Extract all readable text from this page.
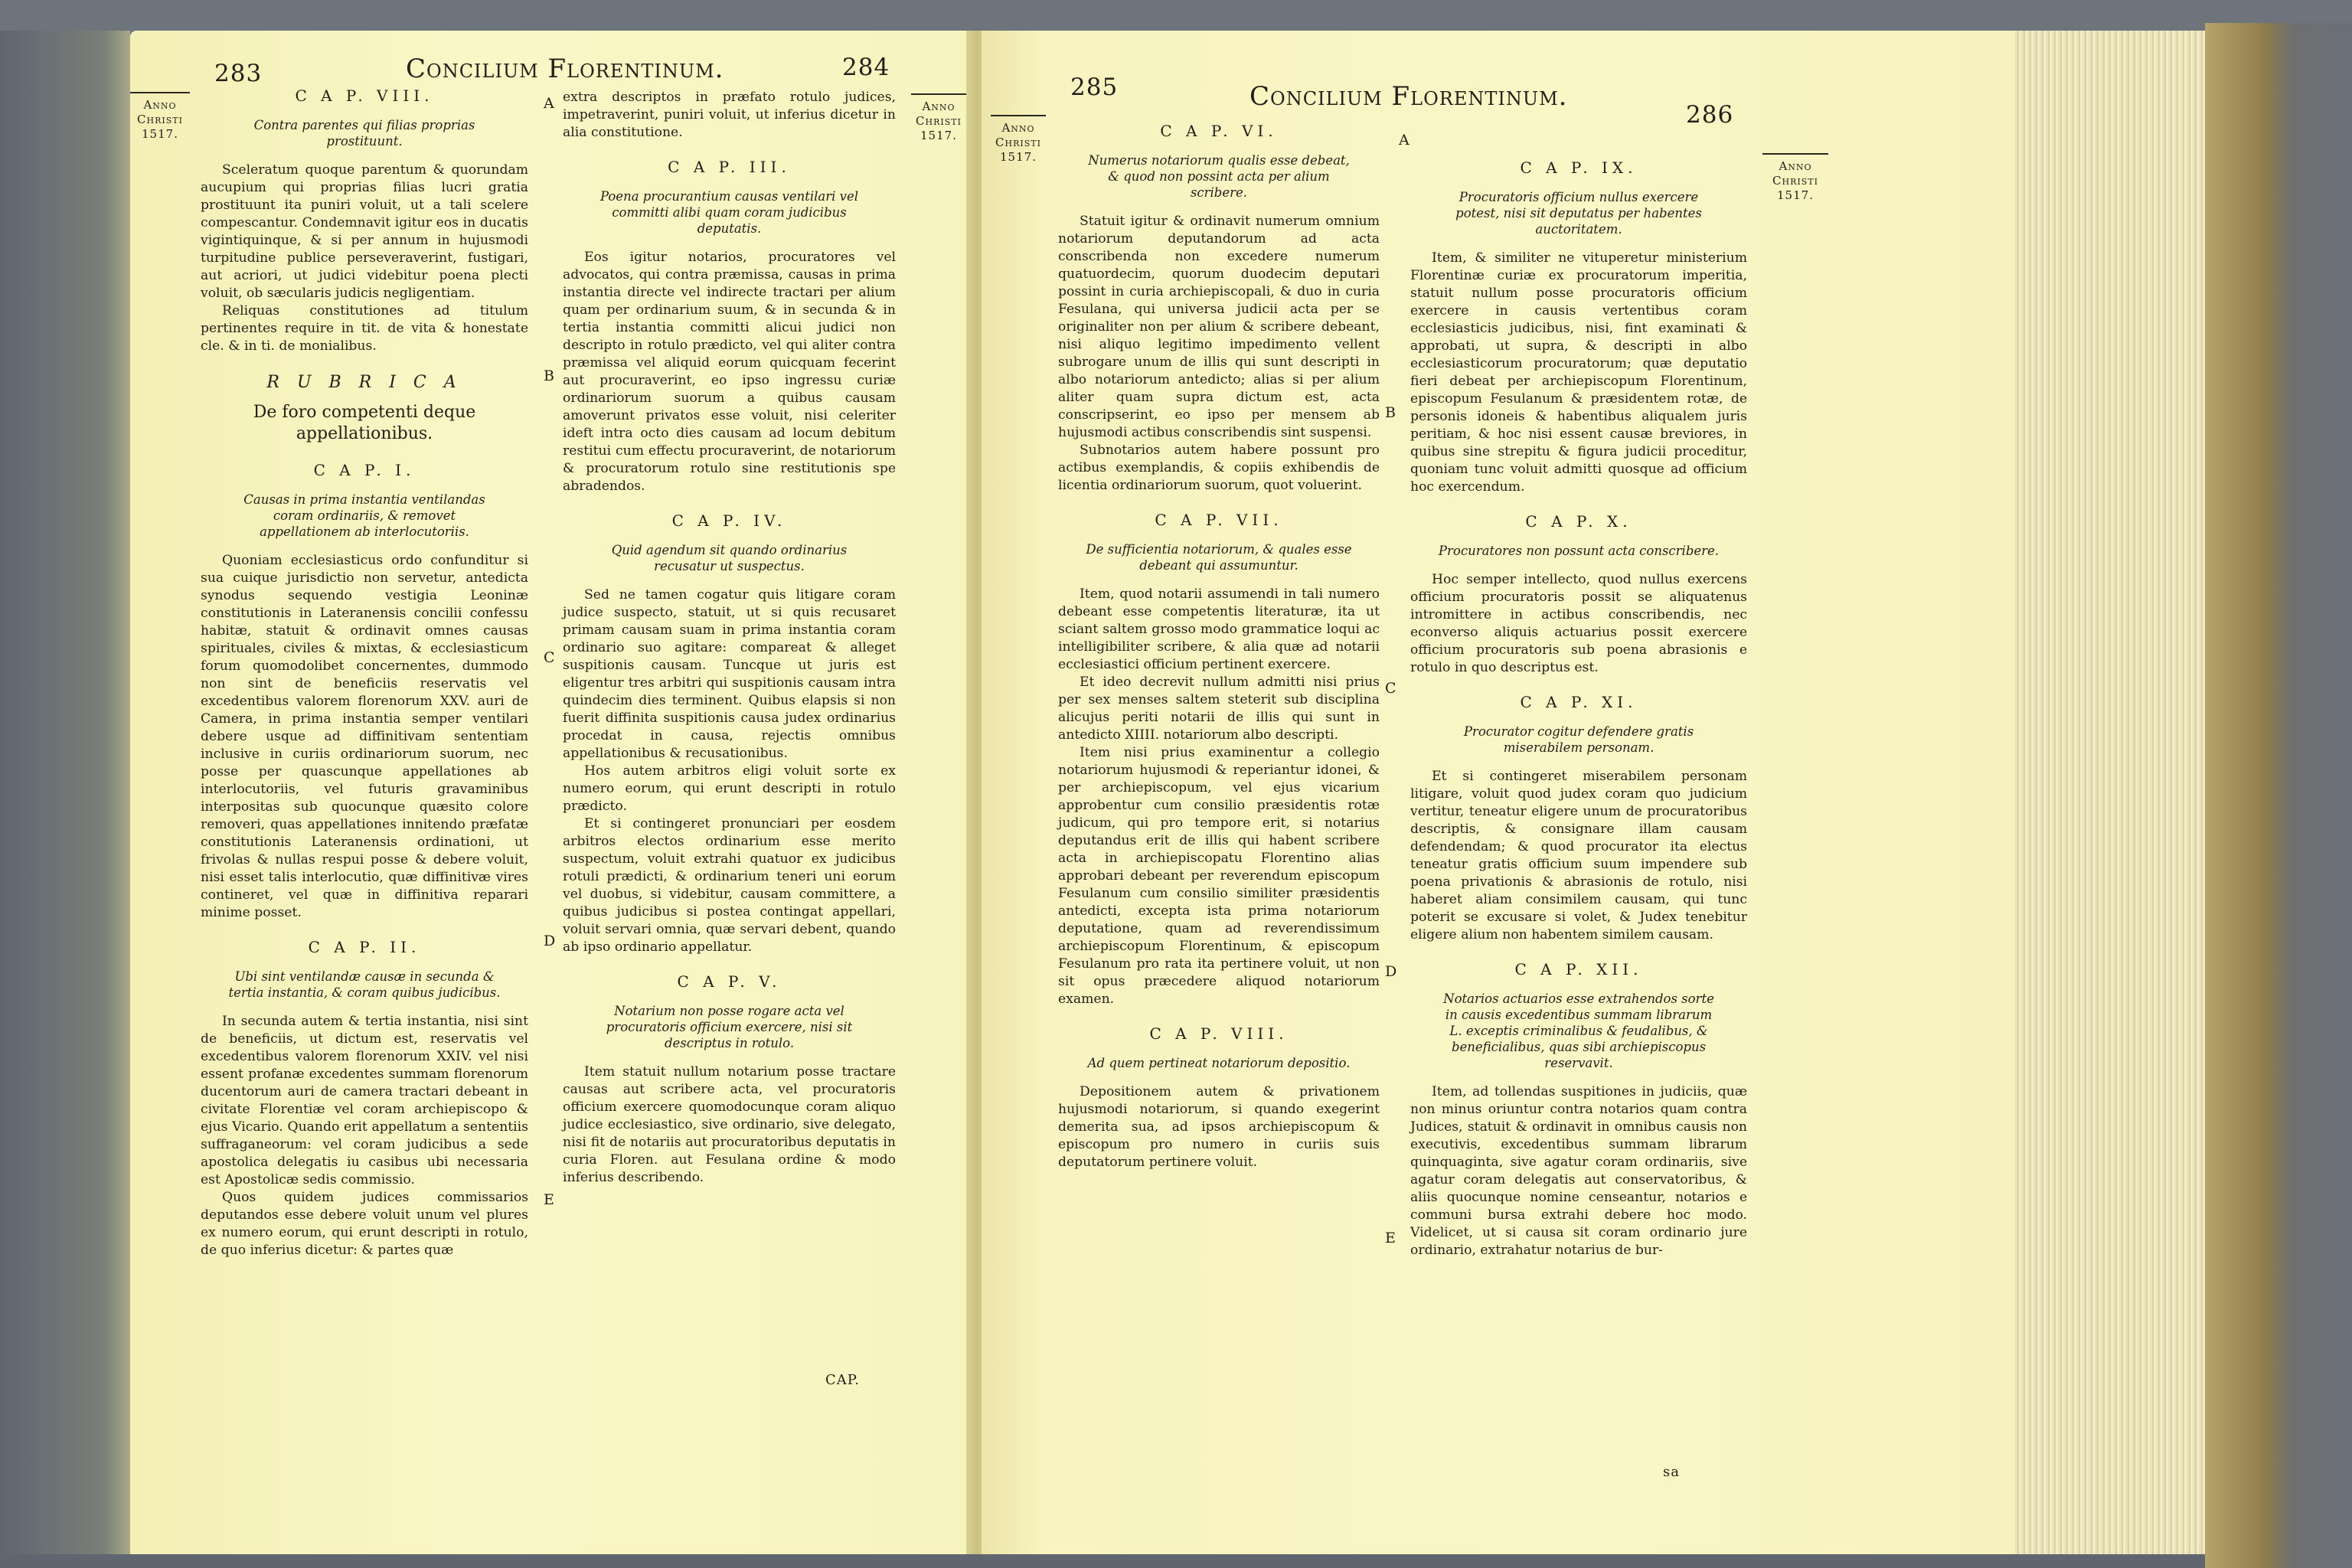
283	Concilium Florentinum.	284
Anno
Christi
1517.
Anno
Christi
1517.
C A P. VIII.
Contra parentes qui filias proprias prostituunt.

Sceleratum quoque parentum & quorundam aucupium qui proprias filias lucri gratia prostituunt ita puniri voluit, ut a tali scelere compescantur. Condemnavit igitur eos in ducatis vigintiquinque, & si per annum in hujusmodi turpitudine publice perseveraverint, fustigari, aut acriori, ut judici videbitur poena plecti voluit, ob sæcularis judicis negligentiam.

Reliquas constitutiones ad titulum pertinentes require in tit. de vita & honestate cle. & in ti. de monialibus.

R U B R I C A
De foro competenti deque appellationibus.
C A P. I.
Causas in prima instantia ventilandas coram ordinariis, & removet appellationem ab interlocutoriis.

Quoniam ecclesiasticus ordo confunditur si sua cuique jurisdictio non servetur, antedicta synodus sequendo vestigia Leoninæ constitutionis in Lateranensis concilii confessu habitæ, statuit & ordinavit omnes causas spirituales, civiles & mixtas, & ecclesiasticum forum quomodolibet concernentes, dummodo non sint de beneficiis reservatis vel excedentibus valorem florenorum XXV. auri de Camera, in prima instantia semper ventilari debere usque ad diffinitivam sententiam inclusive in curiis ordinariorum suorum, nec posse per quascunque appellationes ab interlocutoriis, vel futuris gravaminibus interpositas sub quocunque quæsito colore removeri, quas appellationes innitendo præfatæ constitutionis Lateranensis ordinationi, ut frivolas & nullas respui posse & debere voluit, nisi esset talis interlocutio, quæ diffinitivæ vires contineret, vel quæ in diffinitiva reparari minime posset.

C A P. II.
Ubi sint ventilandæ causæ in secunda & tertia instantia, & coram quibus judicibus.

In secunda autem & tertia instantia, nisi sint de beneficiis, ut dictum est, reservatis vel excedentibus valorem florenorum XXIV. vel nisi essent profanæ excedentes summam florenorum ducentorum auri de camera tractari debeant in civitate Florentiæ vel coram archiepiscopo & ejus Vicario. Quando erit appellatum a sententiis suffraganeorum: vel coram judicibus a sede apostolica delegatis iu casibus ubi necessaria est Apostolicæ sedis commissio.

Quos quidem judices commissarios deputandos esse debere voluit unum vel plures ex numero eorum, qui erunt descripti in rotulo, de quo inferius dicetur: & partes quæ

extra descriptos in præfato rotulo judices, impetraverint, puniri voluit, ut inferius dicetur in alia constitutione.

C A P. III.
Poena procurantium causas ventilari vel committi alibi quam coram judicibus deputatis.

Eos igitur notarios, procuratores vel advocatos, qui contra præmissa, causas in prima instantia directe vel indirecte tractari per alium quam per ordinarium suum, & in secunda & in tertia instantia committi alicui judici non descripto in rotulo prædicto, vel qui aliter contra præmissa vel aliquid eorum quicquam fecerint aut procuraverint, eo ipso ingressu curiæ ordinariorum suorum a quibus causam amoverunt privatos esse voluit, nisi celeriter ideft intra octo dies causam ad locum debitum restitui cum effectu procuraverint, de notariorum & procuratorum rotulo sine restitutionis spe abradendos.

C A P. IV.
Quid agendum sit quando ordinarius recusatur ut suspectus.

Sed ne tamen cogatur quis litigare coram judice suspecto, statuit, ut si quis recusaret primam causam suam in prima instantia coram ordinario suo agitare: compareat & alleget suspitionis causam. Tuncque ut juris est eligentur tres arbitri qui suspitionis causam intra quindecim dies terminent. Quibus elapsis si non fuerit diffinita suspitionis causa judex ordinarius procedat in causa, rejectis omnibus appellationibus & recusationibus.

Hos autem arbitros eligi voluit sorte ex numero eorum, qui erunt descripti in rotulo prædicto.

Et si contingeret pronunciari per eosdem arbitros electos ordinarium esse merito suspectum, voluit extrahi quatuor ex judicibus rotuli prædicti, & ordinarium teneri uni eorum vel duobus, si videbitur, causam committere, a quibus judicibus si postea contingat appellari, voluit servari omnia, quæ servari debent, quando ab ipso ordinario appellatur.

C A P. V.
Notarium non posse rogare acta vel procuratoris officium exercere, nisi sit descriptus in rotulo.

Item statuit nullum notarium posse tractare causas aut scribere acta, vel procuratoris officium exercere quomodocunque coram aliquo judice ecclesiastico, sive ordinario, sive delegato, nisi fit de notariis aut procuratoribus deputatis in curia Floren. aut Fesulana ordine & modo inferius describendo.

CAP.
A
B
C
D
E
285	Concilium Florentinum.
286
Anno
Christi
1517.
Anno
Christi
1517.
C A P. VI.
Numerus notariorum qualis esse debeat, & quod non possint acta per alium scribere.

Statuit igitur & ordinavit numerum omnium notariorum deputandorum ad acta conscribenda non excedere numerum quatuordecim, quorum duodecim deputari possint in curia archiepiscopali, & duo in curia Fesulana, qui universa judicii acta per se originaliter non per alium & scribere debeant, nisi aliquo legitimo impedimento vellent subrogare unum de illis qui sunt descripti in albo notariorum antedicto; alias si per alium aliter quam supra dictum est, acta conscripserint, eo ipso per mensem ab hujusmodi actibus conscribendis sint suspensi.

Subnotarios autem habere possunt pro actibus exemplandis, & copiis exhibendis de licentia ordinariorum suorum, quot voluerint.

C A P. VII.
De sufficientia notariorum, & quales esse debeant qui assumuntur.

Item, quod notarii assumendi in tali numero debeant esse competentis literaturæ, ita ut sciant saltem grosso modo grammatice loqui ac intelligibiliter scribere, & alia quæ ad notarii ecclesiastici officium pertinent exercere.

Et ideo decrevit nullum admitti nisi prius per sex menses saltem steterit sub disciplina alicujus periti notarii de illis qui sunt in antedicto XIIII. notariorum albo descripti.

Item nisi prius examinentur a collegio notariorum hujusmodi & reperiantur idonei, & per archiepiscopum, vel ejus vicarium approbentur cum consilio præsidentis rotæ judicum, qui pro tempore erit, si notarius deputandus erit de illis qui habent scribere acta in archiepiscopatu Florentino alias approbari debeant per reverendum episcopum Fesulanum cum consilio similiter præsidentis antedicti, excepta ista prima notariorum deputatione, quam ad reverendissimum archiepiscopum Florentinum, & episcopum Fesulanum pro rata ita pertinere voluit, ut non sit opus præcedere aliquod notariorum examen.

C A P. VIII.
Ad quem pertineat notariorum depositio.

Depositionem autem & privationem hujusmodi notariorum, si quando exegerint demerita sua, ad ipsos archiepiscopum & episcopum pro numero in curiis suis deputatorum pertinere voluit.

C A P. IX.
Procuratoris officium nullus exercere potest, nisi sit deputatus per habentes auctoritatem.

Item, & similiter ne vituperetur ministerium Florentinæ curiæ ex procuratorum imperitia, statuit nullum posse procuratoris officium exercere in causis vertentibus coram ecclesiasticis judicibus, nisi, fint examinati & approbati, ut supra, & descripti in albo ecclesiasticorum procuratorum; quæ deputatio fieri debeat per archiepiscopum Florentinum, episcopum Fesulanum & præsidentem rotæ, de personis idoneis & habentibus aliqualem juris peritiam, & hoc nisi essent causæ breviores, in quibus sine strepitu & figura judicii proceditur, quoniam tunc voluit admitti quosque ad officium hoc exercendum.

C A P. X.
Procuratores non possunt acta conscribere.

Hoc semper intellecto, quod nullus exercens officium procuratoris possit se aliquatenus intromittere in actibus conscribendis, nec econverso aliquis actuarius possit exercere officium procuratoris sub poena abrasionis e rotulo in quo descriptus est.

C A P. XI.
Procurator cogitur defendere gratis miserabilem personam.

Et si contingeret miserabilem personam litigare, voluit quod judex coram quo judicium vertitur, teneatur eligere unum de procuratoribus descriptis, & consignare illam causam defendendam; & quod procurator ita electus teneatur gratis officium suum impendere sub poena privationis & abrasionis de rotulo, nisi haberet aliam consimilem causam, qui tunc poterit se excusare si volet, & Judex tenebitur eligere alium non habentem similem causam.

C A P. XII.
Notarios actuarios esse extrahendos sorte in causis excedentibus summam librarum L. exceptis criminalibus & feudalibus, & beneficialibus, quas sibi archiepiscopus reservavit.

Item, ad tollendas suspitiones in judiciis, quæ non minus oriuntur contra notarios quam contra Judices, statuit & ordinavit in omnibus causis non executivis, excedentibus summam librarum quinquaginta, sive agatur coram ordinariis, sive agatur coram delegatis aut conservatoribus, & aliis quocunque nomine censeantur, notarios e communi bursa extrahi debere hoc modo. Videlicet, ut si causa sit coram ordinario jure ordinario, extrahatur notarius de bur-

sa
A
B
C
D
E
